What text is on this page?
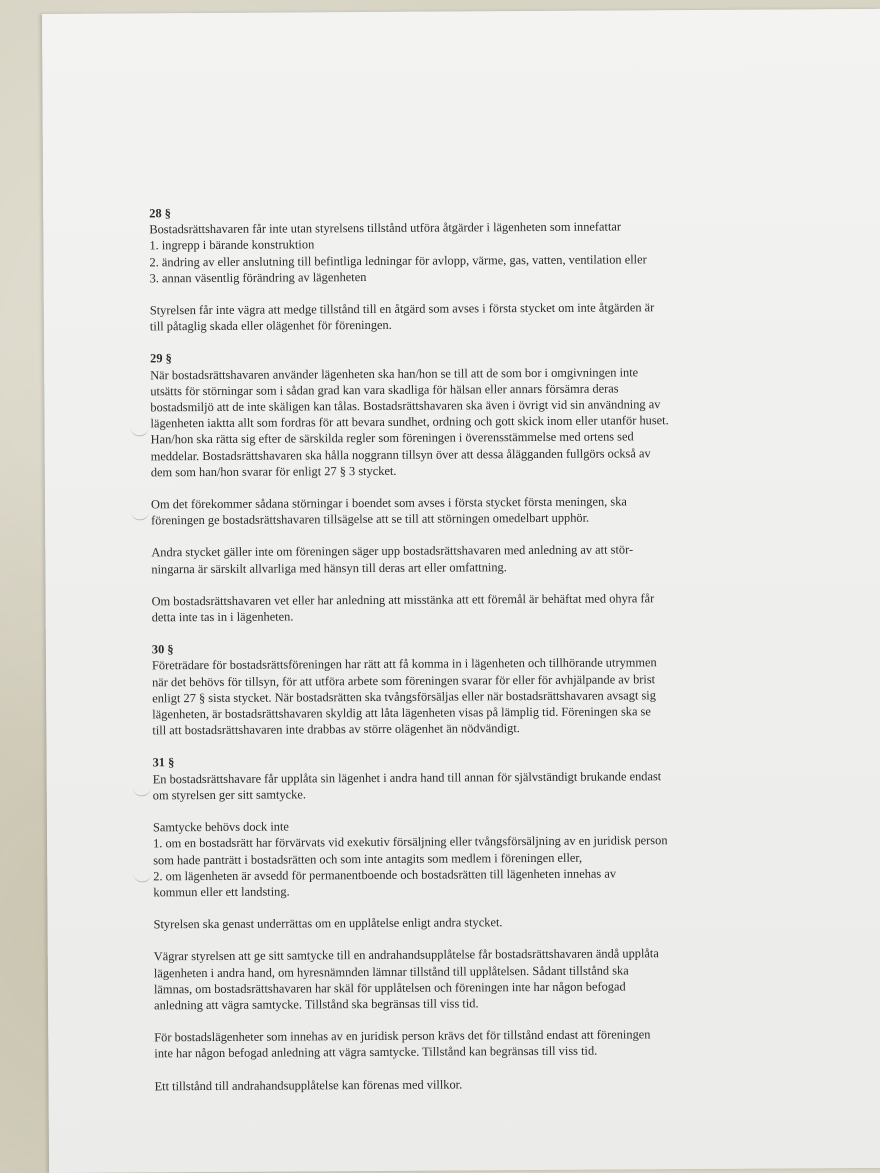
28 §

Bostadsrättshavaren får inte utan styrelsens tillstånd utföra åtgärder i lägenheten som innefattar
1. ingrepp i bärande konstruktion
2. ändring av eller anslutning till befintliga ledningar för avlopp, värme, gas, vatten, ventilation eller
3. annan väsentlig förändring av lägenheten

Styrelsen får inte vägra att medge tillstånd till en åtgärd som avses i första stycket om inte åtgärden är
till påtaglig skada eller olägenhet för föreningen.

29 §

När bostadsrättshavaren använder lägenheten ska han/hon se till att de som bor i omgivningen inte
utsätts för störningar som i sådan grad kan vara skadliga för hälsan eller annars försämra deras
bostadsmiljö att de inte skäligen kan tålas. Bostadsrättshavaren ska även i övrigt vid sin användning av
lägenheten iaktta allt som fordras för att bevara sundhet, ordning och gott skick inom eller utanför huset.
Han/hon ska rätta sig efter de särskilda regler som föreningen i överensstämmelse med ortens sed
meddelar. Bostadsrättshavaren ska hålla noggrann tillsyn över att dessa ålägganden fullgörs också av
dem som han/hon svarar för enligt 27 § 3 stycket.

Om det förekommer sådana störningar i boendet som avses i första stycket första meningen, ska
föreningen ge bostadsrättshavaren tillsägelse att se till att störningen omedelbart upphör.

Andra stycket gäller inte om föreningen säger upp bostadsrättshavaren med anledning av att stör-
ningarna är särskilt allvarliga med hänsyn till deras art eller omfattning.

Om bostadsrättshavaren vet eller har anledning att misstänka att ett föremål är behäftat med ohyra får
detta inte tas in i lägenheten.

30 §

Företrädare för bostadsrättsföreningen har rätt att få komma in i lägenheten och tillhörande utrymmen
när det behövs för tillsyn, för att utföra arbete som föreningen svarar för eller för avhjälpande av brist
enligt 27 § sista stycket. När bostadsrätten ska tvångsförsäljas eller när bostadsrättshavaren avsagt sig
lägenheten, är bostadsrättshavaren skyldig att låta lägenheten visas på lämplig tid. Föreningen ska se
till att bostadsrättshavaren inte drabbas av större olägenhet än nödvändigt.

31 §

En bostadsrättshavare får upplåta sin lägenhet i andra hand till annan för självständigt brukande endast
om styrelsen ger sitt samtycke.

Samtycke behövs dock inte
1. om en bostadsrätt har förvärvats vid exekutiv försäljning eller tvångsförsäljning av en juridisk person
som hade panträtt i bostadsrätten och som inte antagits som medlem i föreningen eller,
2. om lägenheten är avsedd för permanentboende och bostadsrätten till lägenheten innehas av
kommun eller ett landsting.

Styrelsen ska genast underrättas om en upplåtelse enligt andra stycket.

Vägrar styrelsen att ge sitt samtycke till en andrahandsupplåtelse får bostadsrättshavaren ändå upplåta
lägenheten i andra hand, om hyresnämnden lämnar tillstånd till upplåtelsen. Sådant tillstånd ska
lämnas, om bostadsrättshavaren har skäl för upplåtelsen och föreningen inte har någon befogad
anledning att vägra samtycke. Tillstånd ska begränsas till viss tid.

För bostadslägenheter som innehas av en juridisk person krävs det för tillstånd endast att föreningen
inte har någon befogad anledning att vägra samtycke. Tillstånd kan begränsas till viss tid.

Ett tillstånd till andrahandsupplåtelse kan förenas med villkor.
